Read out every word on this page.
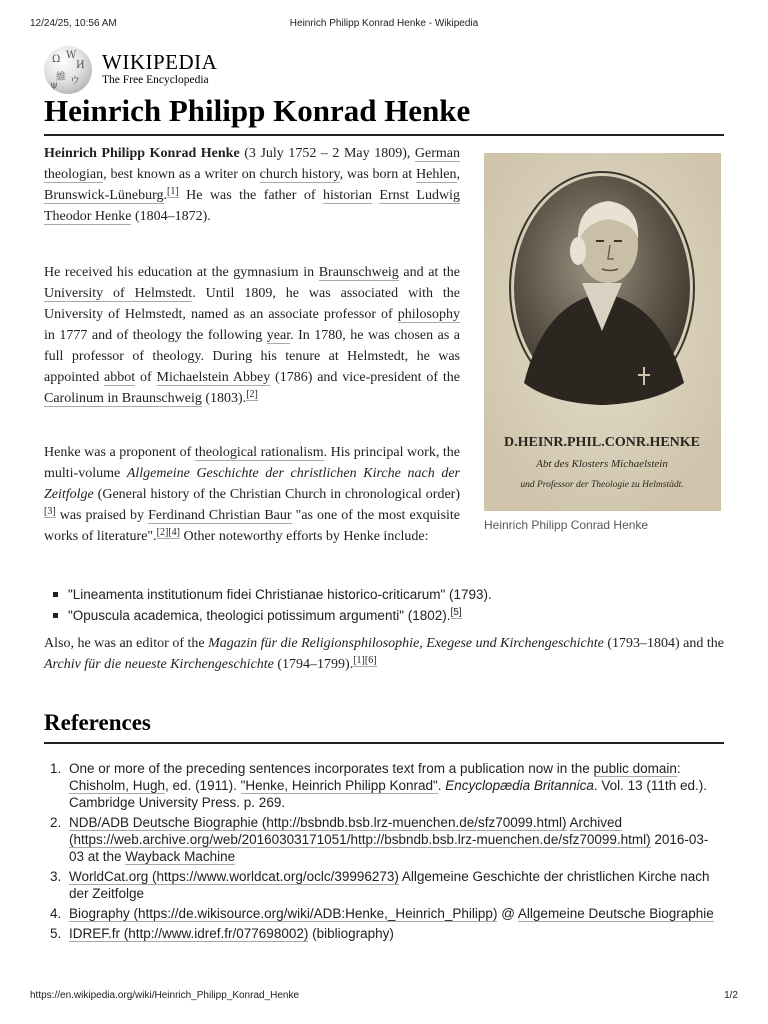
12/24/25, 10:56 AM	Heinrich Philipp Konrad Henke - Wikipedia
Ω W
И
維 ウ
ψ
WIKIPEDIA
The Free Encyclopedia
Heinrich Philipp Konrad Henke

Heinrich Philipp Konrad Henke (3 July 1752 – 2 May 1809), German theologian, best known as a writer on church history, was born at Hehlen, Brunswick-Lüneburg.[1] He was the father of historian Ernst Ludwig Theodor Henke (1804–1872).

He received his education at the gymnasium in Braunschweig and at the University of Helmstedt. Until 1809, he was associated with the University of Helmstedt, named as an associate professor of philosophy in 1777 and of theology the following year. In 1780, he was chosen as a full professor of theology. During his tenure at Helmstedt, he was appointed abbot of Michaelstein Abbey (1786) and vice-president of the Carolinum in Braunschweig (1803).[2]

Henke was a proponent of theological rationalism. His principal work, the multi-volume Allgemeine Geschichte der christlichen Kirche nach der Zeitfolge (General history of the Christian Church in chronological order) [3] was praised by Ferdinand Christian Baur "as one of the most exquisite works of literature".[2][4] Other noteworthy efforts by Henke include:

D.HEINR.PHIL.CONR.HENKE
Abt des Klosters Michaelstein
und Professor der Theologie zu Helmstädt.
Heinrich Philipp Conrad Henke
"Lineamenta institutionum fidei Christianae historico-criticarum" (1793).
"Opuscula academica, theologici potissimum argumenti" (1802).[5]

Also, he was an editor of the Magazin für die Religionsphilosophie, Exegese und Kirchengeschichte (1793–1804) and the Archiv für die neueste Kirchengeschichte (1794–1799).[1][6]

References
1. One or more of the preceding sentences incorporates text from a publication now in the public domain: Chisholm, Hugh, ed. (1911). "Henke, Heinrich Philipp Konrad". Encyclopædia Britannica. Vol. 13 (11th ed.). Cambridge University Press. p. 269.
2. NDB/ADB Deutsche Biographie (http://bsbndb.bsb.lrz-muenchen.de/sfz70099.html) Archived (https://web.archive.org/web/20160303171051/http://bsbndb.bsb.lrz-muenchen.de/sfz70099.html) 2016-03-03 at the Wayback Machine
3. WorldCat.org (https://www.worldcat.org/oclc/39996273) Allgemeine Geschichte der christlichen Kirche nach der Zeitfolge
4. Biography (https://de.wikisource.org/wiki/ADB:Henke,_Heinrich_Philipp) @ Allgemeine Deutsche Biographie
5. IDREF.fr (http://www.idref.fr/077698002) (bibliography)
https://en.wikipedia.org/wiki/Heinrich_Philipp_Konrad_Henke	1/2
